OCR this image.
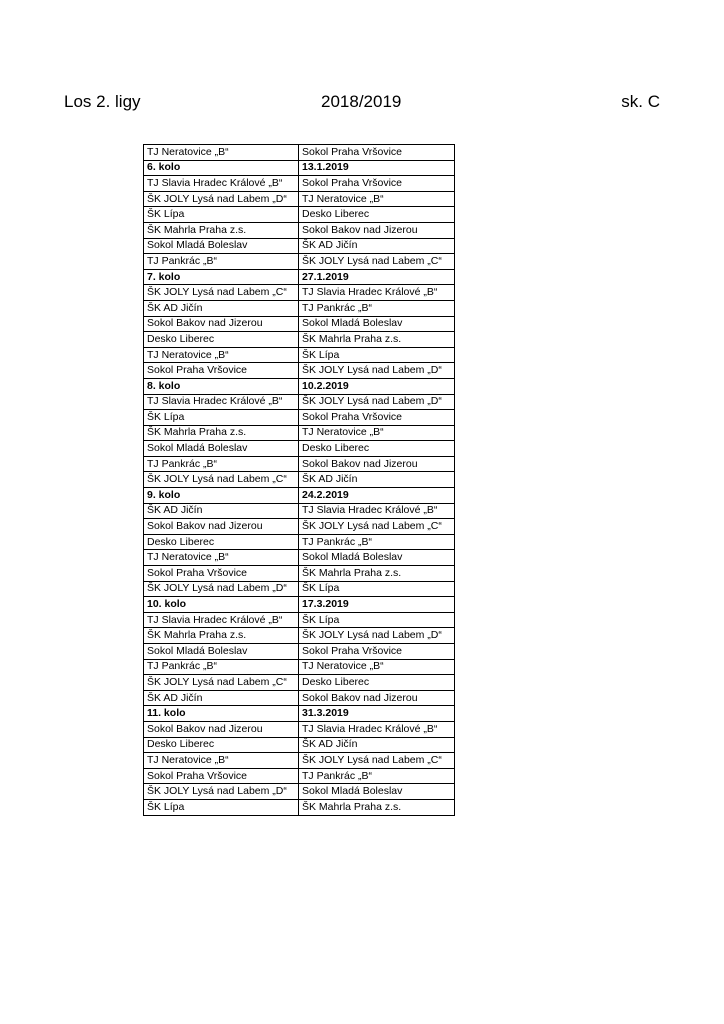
Los 2. ligy	2018/2019	sk. C
TJ Neratovice „B“	Sokol Praha Vršovice
6. kolo	13.1.2019
TJ Slavia Hradec Králové „B“	Sokol Praha Vršovice
ŠK JOLY Lysá nad Labem „D“	TJ Neratovice „B“
ŠK Lípa	Desko Liberec
ŠK Mahrla Praha z.s.	Sokol Bakov nad Jizerou
Sokol Mladá Boleslav	ŠK AD Jičín
TJ Pankrác „B“	ŠK JOLY Lysá nad Labem „C“
7. kolo	27.1.2019
ŠK JOLY Lysá nad Labem „C“	TJ Slavia Hradec Králové „B“
ŠK AD Jičín	TJ Pankrác „B“
Sokol Bakov nad Jizerou	Sokol Mladá Boleslav
Desko Liberec	ŠK Mahrla Praha z.s.
TJ Neratovice „B“	ŠK Lípa
Sokol Praha Vršovice	ŠK JOLY Lysá nad Labem „D“
8. kolo	10.2.2019
TJ Slavia Hradec Králové „B“	ŠK JOLY Lysá nad Labem „D“
ŠK Lípa	Sokol Praha Vršovice
ŠK Mahrla Praha z.s.	TJ Neratovice „B“
Sokol Mladá Boleslav	Desko Liberec
TJ Pankrác „B“	Sokol Bakov nad Jizerou
ŠK JOLY Lysá nad Labem „C“	ŠK AD Jičín
9. kolo	24.2.2019
ŠK AD Jičín	TJ Slavia Hradec Králové „B“
Sokol Bakov nad Jizerou	ŠK JOLY Lysá nad Labem „C“
Desko Liberec	TJ Pankrác „B“
TJ Neratovice „B“	Sokol Mladá Boleslav
Sokol Praha Vršovice	ŠK Mahrla Praha z.s.
ŠK JOLY Lysá nad Labem „D“	ŠK Lípa
10. kolo	17.3.2019
TJ Slavia Hradec Králové „B“	ŠK Lípa
ŠK Mahrla Praha z.s.	ŠK JOLY Lysá nad Labem „D“
Sokol Mladá Boleslav	Sokol Praha Vršovice
TJ Pankrác „B“	TJ Neratovice „B“
ŠK JOLY Lysá nad Labem „C“	Desko Liberec
ŠK AD Jičín	Sokol Bakov nad Jizerou
11. kolo	31.3.2019
Sokol Bakov nad Jizerou	TJ Slavia Hradec Králové „B“
Desko Liberec	ŠK AD Jičín
TJ Neratovice „B“	ŠK JOLY Lysá nad Labem „C“
Sokol Praha Vršovice	TJ Pankrác „B“
ŠK JOLY Lysá nad Labem „D“	Sokol Mladá Boleslav
ŠK Lípa	ŠK Mahrla Praha z.s.
